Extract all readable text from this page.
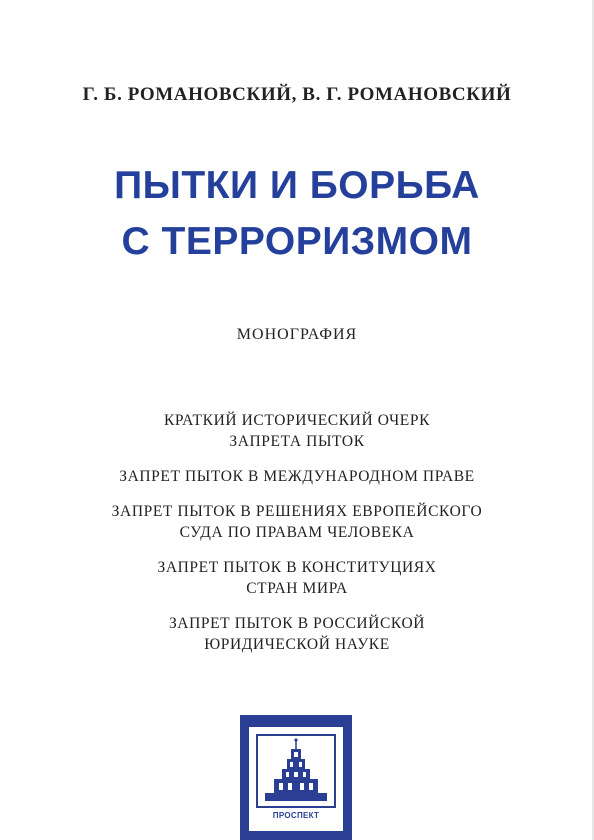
Г. Б. РОМАНОВСКИЙ, В. Г. РОМАНОВСКИЙ
ПЫТКИ И БОРЬБА
С ТЕРРОРИЗМОМ
МОНОГРАФИЯ
КРАТКИЙ ИСТОРИЧЕСКИЙ ОЧЕРК
ЗАПРЕТА ПЫТОК
ЗАПРЕТ ПЫТОК В МЕЖДУНАРОДНОМ ПРАВЕ
ЗАПРЕТ ПЫТОК В РЕШЕНИЯХ ЕВРОПЕЙСКОГО
СУДА ПО ПРАВАМ ЧЕЛОВЕКА
ЗАПРЕТ ПЫТОК В КОНСТИТУЦИЯХ
СТРАН МИРА
ЗАПРЕТ ПЫТОК В РОССИЙСКОЙ
ЮРИДИЧЕСКОЙ НАУКЕ
ПРОСПЕКТ
